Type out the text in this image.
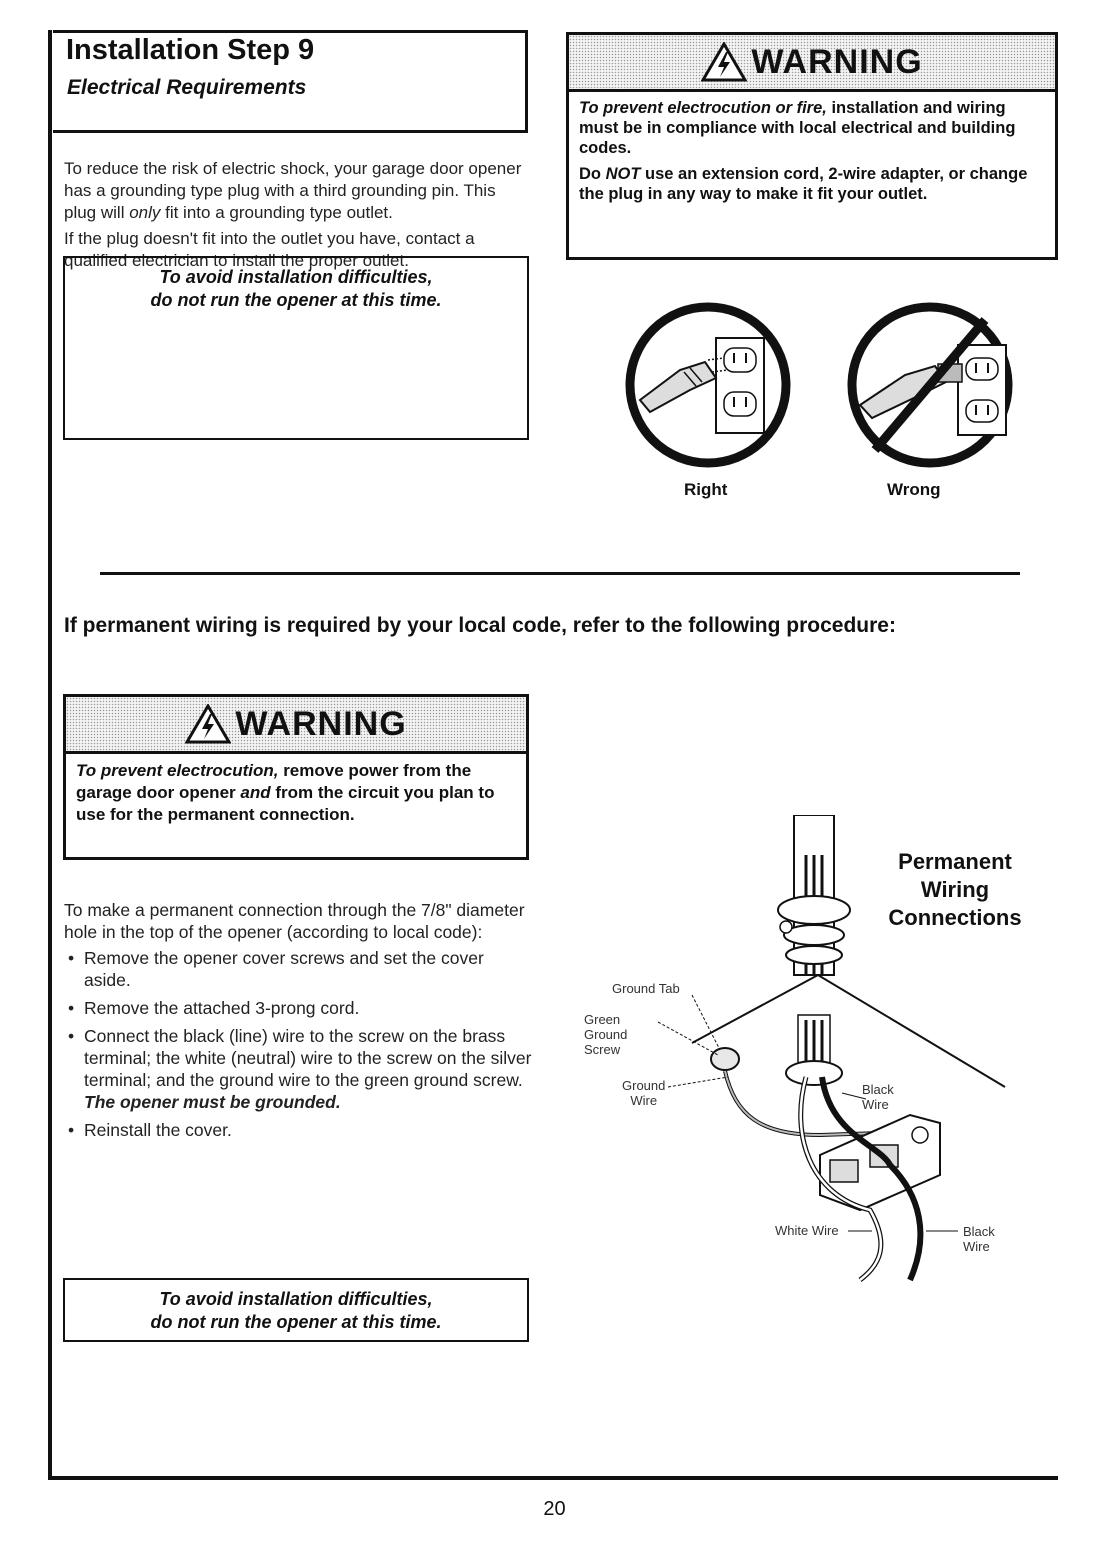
Installation Step 9
Electrical Requirements

To reduce the risk of electric shock, your garage door opener has a grounding type plug with a third grounding pin. This plug will only fit into a grounding type outlet.

If the plug doesn't fit into the outlet you have, contact a qualified electrician to install the proper outlet.

To avoid installation difficulties,
do not run the opener at this time.
WARNING

To prevent electrocution or fire, installation and wiring must be in compliance with local electrical and building codes.

Do NOT use an extension cord, 2-wire adapter, or change the plug in any way to make it fit your outlet.

Right	Wrong
If permanent wiring is required by your local code, refer to the following procedure:
WARNING
To prevent electrocution, remove power from the garage door opener and from the circuit you plan to use for the permanent connection.

To make a permanent connection through the 7/8" diameter hole in the top of the opener (according to local code):

• Remove the opener cover screws and set the cover aside.
• Remove the attached 3-prong cord.
• Connect the black (line) wire to the screw on the brass terminal; the white (neutral) wire to the screw on the silver terminal; and the ground wire to the green ground screw. The opener must be grounded.
• Reinstall the cover.
To avoid installation difficulties,
do not run the opener at this time.
Permanent
Wiring
Connections
Ground Tab
Green
Ground
Screw
Ground
Wire
Black
Wire
White Wire	Black
Wire
20
